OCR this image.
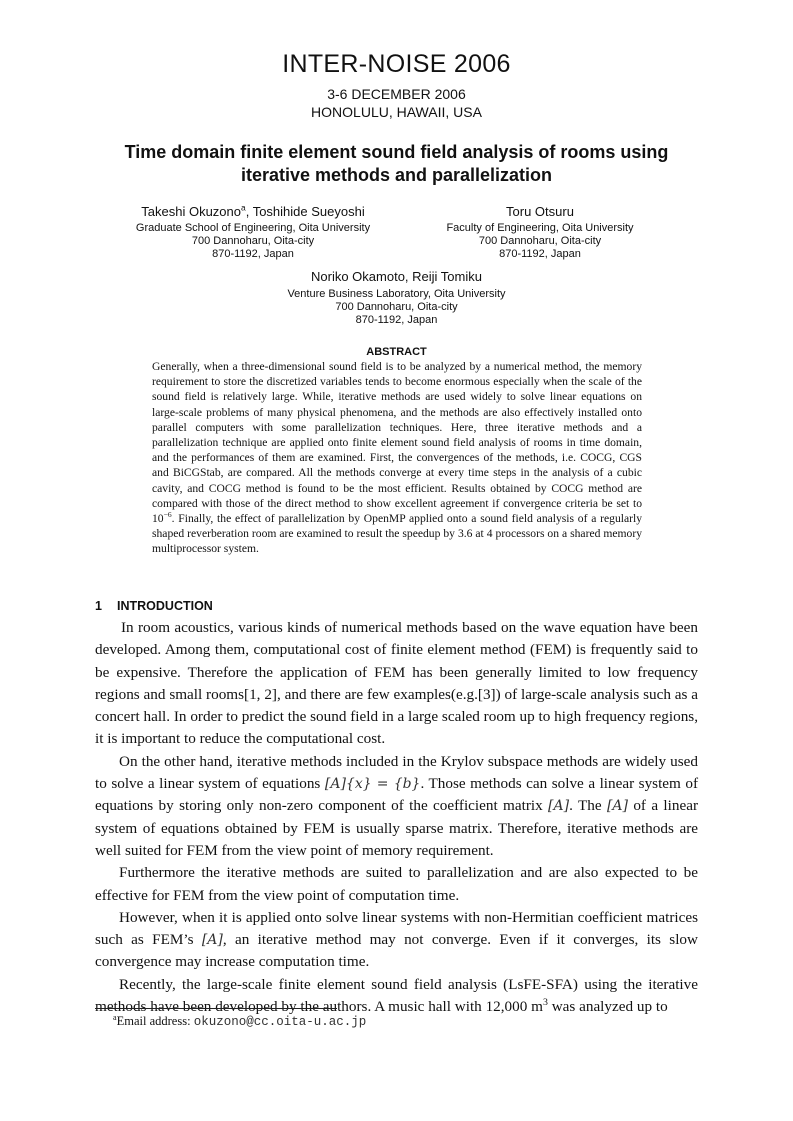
INTER-NOISE 2006
3-6 DECEMBER 2006
HONOLULU, HAWAII, USA
Time domain finite element sound field analysis of rooms using
iterative methods and parallelization
Takeshi Okuzono$^a$, Toshihide Sueyoshi
Graduate School of Engineering, Oita University
700 Dannoharu, Oita-city
870-1192, Japan
Toru Otsuru
Faculty of Engineering, Oita University
700 Dannoharu, Oita-city
870-1192, Japan
Noriko Okamoto, Reiji Tomiku
Venture Business Laboratory, Oita University
700 Dannoharu, Oita-city
870-1192, Japan
ABSTRACT
Generally, when a three-dimensional sound field is to be analyzed by a numerical method, the memory requirement to store the discretized variables tends to become enormous especially when the scale of the sound field is relatively large. While, iterative methods are used widely to solve linear equations on large-scale problems of many physical phenomena, and the methods are also effectively installed onto parallel computers with some parallelization techniques. Here, three iterative methods and a parallelization technique are applied onto finite element sound field analysis of rooms in time domain, and the performances of them are examined. First, the convergences of the methods, i.e. COCG, CGS and BiCGStab, are compared. All the methods converge at every time steps in the analysis of a cubic cavity, and COCG method is found to be the most efficient. Results obtained by COCG method are compared with those of the direct method to show excellent agreement if convergence criteria be set to $10^{-6}$. Finally, the effect of parallelization by OpenMP applied onto a sound field analysis of a regularly shaped reverberation room are examined to result the speedup by 3.6 at 4 processors on a shared memory multiprocessor system.
1 INTRODUCTION

In room acoustics, various kinds of numerical methods based on the wave equation have been developed. Among them, computational cost of finite element method (FEM) is frequently said to be expensive. Therefore the application of FEM has been generally limited to low frequency regions and small rooms[1, 2], and there are few examples(e.g.[3]) of large-scale analysis such as a concert hall. In order to predict the sound field in a large scaled room up to high frequency regions, it is important to reduce the computational cost.

On the other hand, iterative methods included in the Krylov subspace methods are widely used to solve a linear system of equations [A]{x} = {b}. Those methods can solve a linear system of equations by storing only non-zero component of the coefficient matrix [A]. The [A] of a linear system of equations obtained by FEM is usually sparse matrix. Therefore, iterative methods are well suited for FEM from the view point of memory requirement.

Furthermore the iterative methods are suited to parallelization and are also expected to be effective for FEM from the view point of computation time.

However, when it is applied onto solve linear systems with non-Hermitian coefficient matrices such as FEM’s [A], an iterative method may not converge. Even if it converges, its slow convergence may increase computation time.

Recently, the large-scale finite element sound field analysis (LsFE-SFA) using the iterative methods have been developed by the authors. A music hall with 12,000 $m^3$ was analyzed up to

$^a$Email address: okuzono@cc.oita-u.ac.jp
